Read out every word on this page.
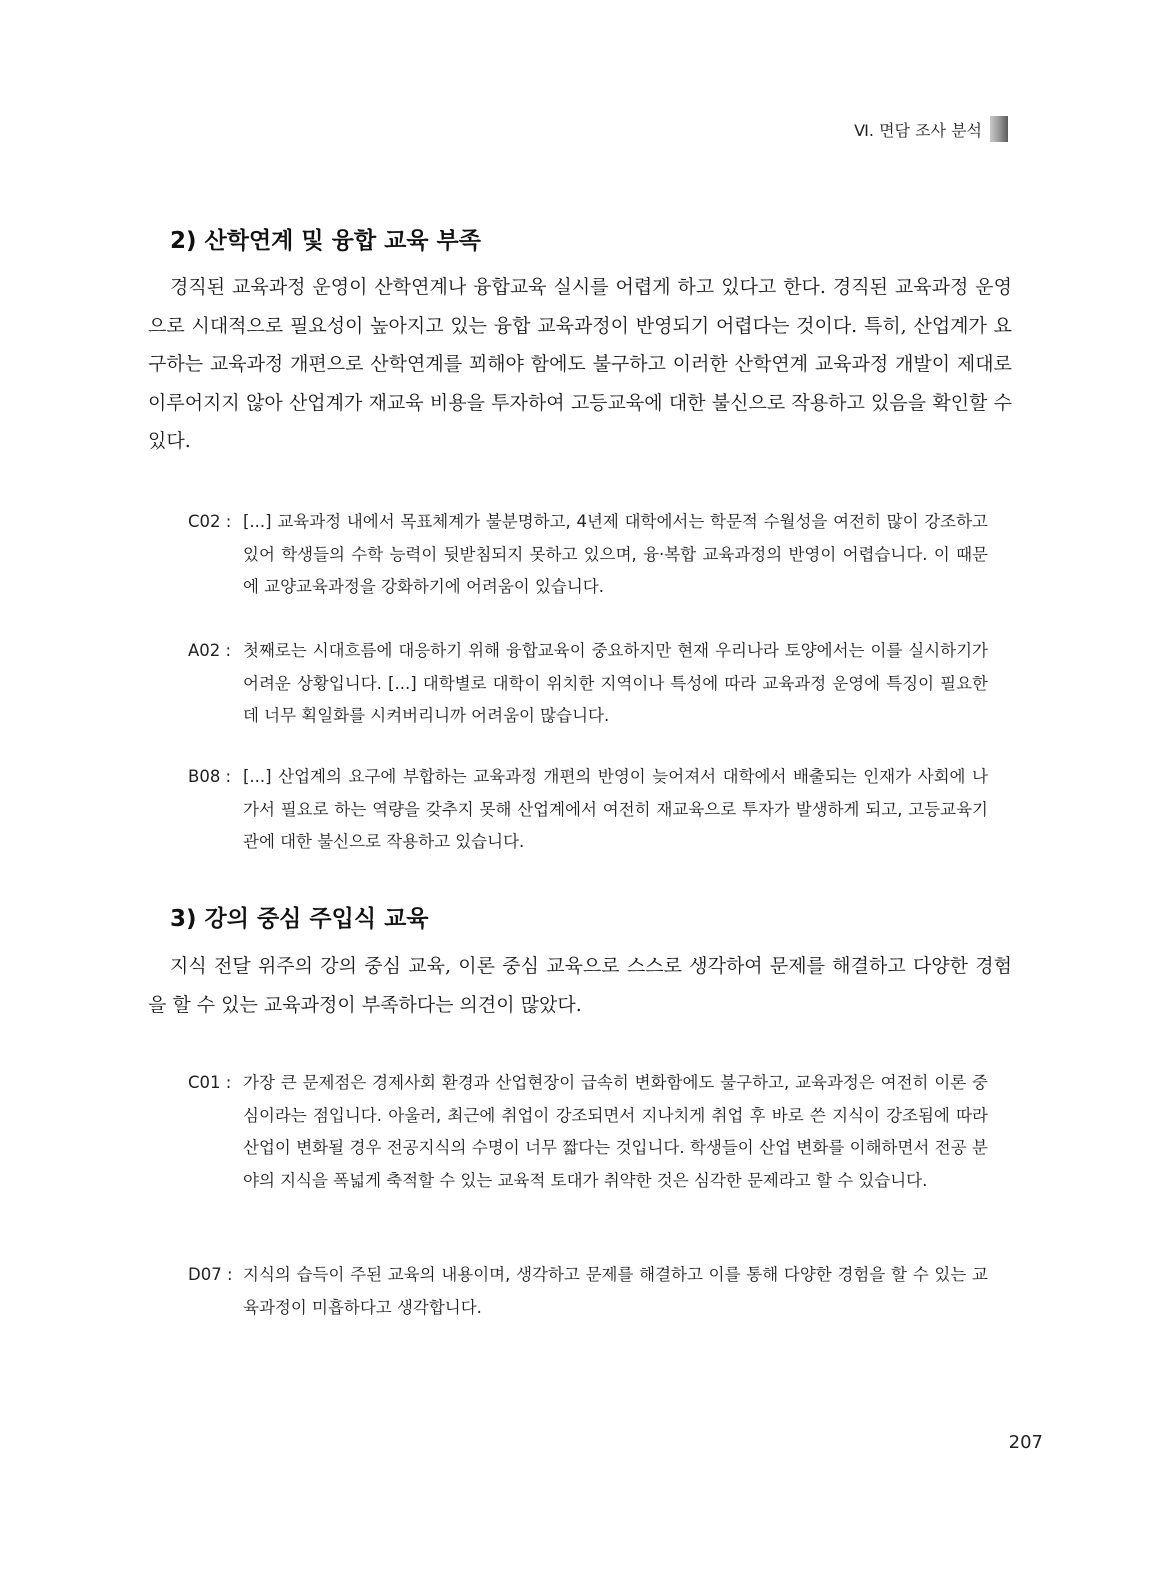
Ⅵ. 면담 조사 분석
2) 산학연계 및 융합 교육 부족

경직된 교육과정 운영이 산학연계나 융합교육 실시를 어렵게 하고 있다고 한다. 경직된 교육과정 운영으로 시대적으로 필요성이 높아지고 있는 융합 교육과정이 반영되기 어렵다는 것이다. 특히, 산업계가 요구하는 교육과정 개편으로 산학연계를 꾀해야 함에도 불구하고 이러한 산학연계 교육과정 개발이 제대로 이루어지지 않아 산업계가 재교육 비용을 투자하여 고등교육에 대한 불신으로 작용하고 있음을 확인할 수 있다.

C02 : [...] 교육과정 내에서 목표체계가 불분명하고, 4년제 대학에서는 학문적 수월성을 여전히 많이 강조하고 있어 학생들의 수학 능력이 뒷받침되지 못하고 있으며, 융·복합 교육과정의 반영이 어렵습니다. 이 때문에 교양교육과정을 강화하기에 어려움이 있습니다.
A02 : 첫째로는 시대흐름에 대응하기 위해 융합교육이 중요하지만 현재 우리나라 토양에서는 이를 실시하기가 어려운 상황입니다. [...] 대학별로 대학이 위치한 지역이나 특성에 따라 교육과정 운영에 특징이 필요한데 너무 획일화를 시켜버리니까 어려움이 많습니다.
B08 : [...] 산업계의 요구에 부합하는 교육과정 개편의 반영이 늦어져서 대학에서 배출되는 인재가 사회에 나가서 필요로 하는 역량을 갖추지 못해 산업계에서 여전히 재교육으로 투자가 발생하게 되고, 고등교육기관에 대한 불신으로 작용하고 있습니다.
3) 강의 중심 주입식 교육

지식 전달 위주의 강의 중심 교육, 이론 중심 교육으로 스스로 생각하여 문제를 해결하고 다양한 경험을 할 수 있는 교육과정이 부족하다는 의견이 많았다.

C01 : 가장 큰 문제점은 경제사회 환경과 산업현장이 급속히 변화함에도 불구하고, 교육과정은 여전히 이론 중심이라는 점입니다. 아울러, 최근에 취업이 강조되면서 지나치게 취업 후 바로 쓴 지식이 강조됨에 따라 산업이 변화될 경우 전공지식의 수명이 너무 짧다는 것입니다. 학생들이 산업 변화를 이해하면서 전공 분야의 지식을 폭넓게 축적할 수 있는 교육적 토대가 취약한 것은 심각한 문제라고 할 수 있습니다.
D07 : 지식의 습득이 주된 교육의 내용이며, 생각하고 문제를 해결하고 이를 통해 다양한 경험을 할 수 있는 교육과정이 미흡하다고 생각합니다.
207
